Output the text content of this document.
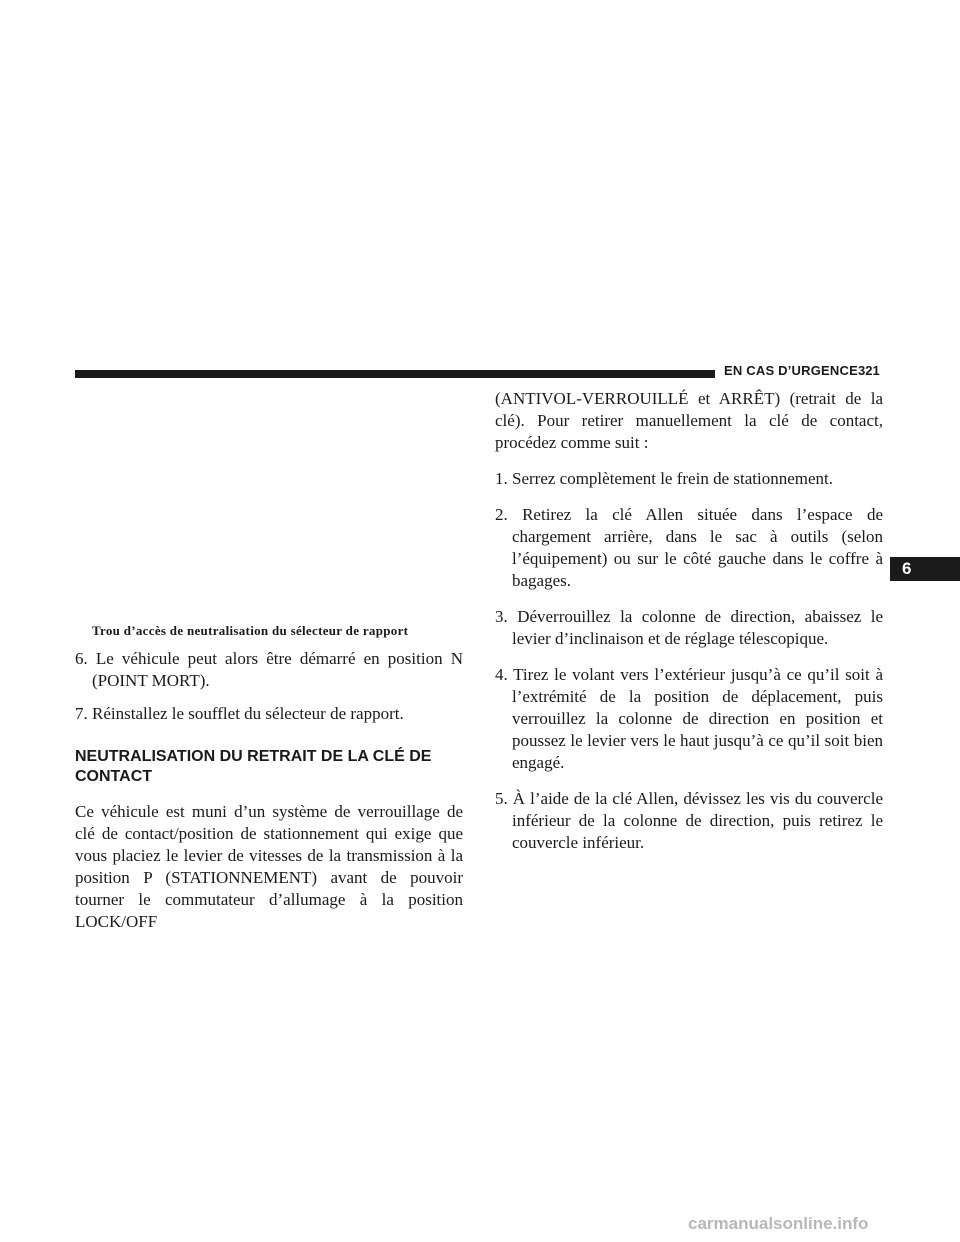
EN CAS D’URGENCE 321
6
Trou d’accès de neutralisation du sélecteur de rapport

6. Le véhicule peut alors être démarré en position N (POINT MORT).

7. Réinstallez le soufflet du sélecteur de rapport.

NEUTRALISATION DU RETRAIT DE LA CLÉ DE CONTACT

Ce véhicule est muni d’un système de verrouillage de clé de contact/position de stationnement qui exige que vous placiez le levier de vitesses de la transmission à la position P (STATIONNEMENT) avant de pouvoir tourner le commutateur d’allumage à la position LOCK/OFF

(ANTIVOL-VERROUILLÉ et ARRÊT) (retrait de la clé). Pour retirer manuellement la clé de contact, procédez comme suit :

1. Serrez complètement le frein de stationnement.

2. Retirez la clé Allen située dans l’espace de chargement arrière, dans le sac à outils (selon l’équipement) ou sur le côté gauche dans le coffre à bagages.

3. Déverrouillez la colonne de direction, abaissez le levier d’inclinaison et de réglage télescopique.

4. Tirez le volant vers l’extérieur jusqu’à ce qu’il soit à l’extrémité de la position de déplacement, puis verrouillez la colonne de direction en position et poussez le levier vers le haut jusqu’à ce qu’il soit bien engagé.

5. À l’aide de la clé Allen, dévissez les vis du couvercle inférieur de la colonne de direction, puis retirez le couvercle inférieur.

carmanualsonline.info
